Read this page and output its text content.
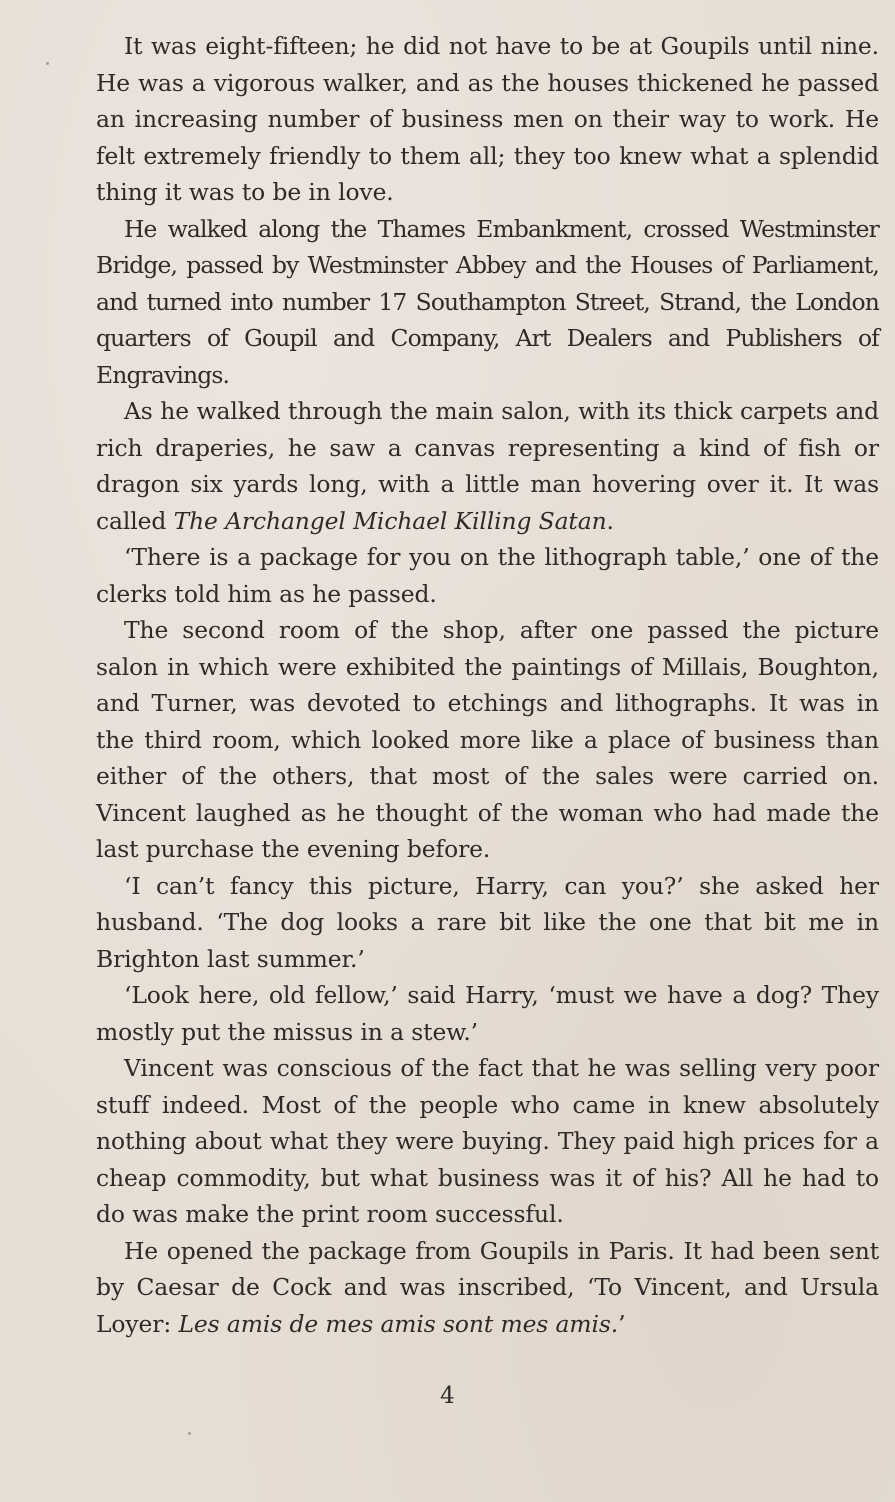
It was eight-fifteen; he did not have to be at Goupils until nine. He was a vigorous walker, and as the houses thickened he passed an increasing number of business men on their way to work. He felt extremely friendly to them all; they too knew what a splendid thing it was to be in love.

He walked along the Thames Embankment, crossed Westminster Bridge, passed by Westminster Abbey and the Houses of Parliament, and turned into number 17 Southampton Street, Strand, the London quarters of Goupil and Company, Art Dealers and Publishers of Engravings.

As he walked through the main salon, with its thick carpets and rich draperies, he saw a canvas representing a kind of fish or dragon six yards long, with a little man hovering over it. It was called The Archangel Michael Killing Satan.

‘There is a package for you on the lithograph table,’ one of the clerks told him as he passed.

The second room of the shop, after one passed the picture salon in which were exhibited the paintings of Millais, Boughton, and Turner, was devoted to etchings and lithographs. It was in the third room, which looked more like a place of business than either of the others, that most of the sales were carried on. Vincent laughed as he thought of the woman who had made the last purchase the evening before.

‘I can’t fancy this picture, Harry, can you?’ she asked her husband. ‘The dog looks a rare bit like the one that bit me in Brighton last summer.’

‘Look here, old fellow,’ said Harry, ‘must we have a dog? They mostly put the missus in a stew.’

Vincent was conscious of the fact that he was selling very poor stuff indeed. Most of the people who came in knew absolutely nothing about what they were buying. They paid high prices for a cheap commodity, but what business was it of his? All he had to do was make the print room successful.

He opened the package from Goupils in Paris. It had been sent by Caesar de Cock and was inscribed, ‘To Vincent, and Ursula Loyer: Les amis de mes amis sont mes amis.’

4
